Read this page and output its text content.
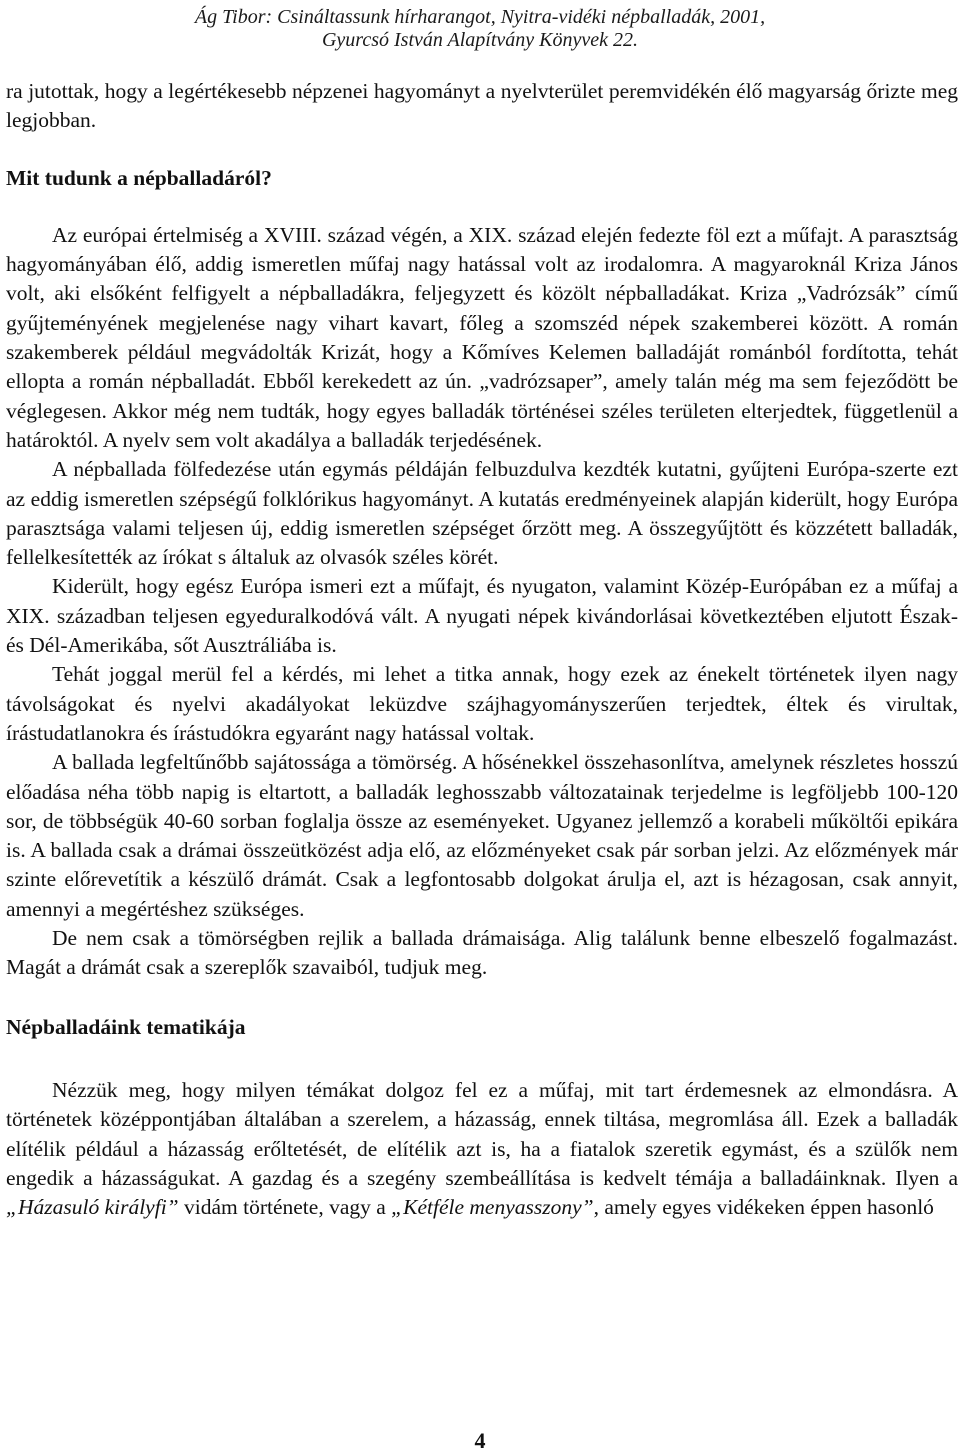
Ág Tibor: Csináltassunk hírharangot, Nyitra-vidéki népballadák, 2001,
Gyurcsó István Alapítvány Könyvek 22.

ra jutottak, hogy a legértékesebb népzenei hagyományt a nyelvterület peremvidékén élő magyarság őrizte meg legjobban.

Mit tudunk a népballadáról?

Az európai értelmiség a XVIII. század végén, a XIX. század elején fedezte föl ezt a műfajt. A parasztság hagyományában élő, addig ismeretlen műfaj nagy hatással volt az irodalomra. A magyaroknál Kriza János volt, aki elsőként felfigyelt a népballadákra, feljegyzett és közölt népballadákat. Kriza „Vadrózsák” című gyűjteményének megjelenése nagy vihart kavart, főleg a szomszéd népek szakemberei között. A román szakemberek például megvádolták Krizát, hogy a Kőmíves Kelemen balladáját románból fordította, tehát ellopta a román népballadát. Ebből kerekedett az ún. „vadrózsaper”, amely talán még ma sem fejeződött be véglegesen. Akkor még nem tudták, hogy egyes balladák történései széles területen elterjedtek, függetlenül a határoktól. A nyelv sem volt akadálya a balladák terjedésének.

A népballada fölfedezése után egymás példáján felbuzdulva kezdték kutatni, gyűjteni Európa-szerte ezt az eddig ismeretlen szépségű folklórikus hagyományt. A kutatás eredményeinek alapján kiderült, hogy Európa parasztsága valami teljesen új, eddig ismeretlen szépséget őrzött meg. A összegyűjtött és közzétett balladák, fellelkesítették az írókat s általuk az olvasók széles körét.

Kiderült, hogy egész Európa ismeri ezt a műfajt, és nyugaton, valamint Közép-Európában ez a műfaj a XIX. században teljesen egyeduralkodóvá vált. A nyugati népek kivándorlásai következtében eljutott Észak- és Dél-Amerikába, sőt Ausztráliába is.

Tehát joggal merül fel a kérdés, mi lehet a titka annak, hogy ezek az énekelt történetek ilyen nagy távolságokat és nyelvi akadályokat leküzdve szájhagyományszerűen terjedtek, éltek és virultak, írástudatlanokra és írástudókra egyaránt nagy hatással voltak.

A ballada legfeltűnőbb sajátossága a tömörség. A hősénekkel összehasonlítva, amelynek részletes hosszú előadása néha több napig is eltartott, a balladák leghosszabb változatainak terjedelme is legföljebb 100-120 sor, de többségük 40-60 sorban foglalja össze az eseményeket. Ugyanez jellemző a korabeli műköltői epikára is. A ballada csak a drámai összeütközést adja elő, az előzményeket csak pár sorban jelzi. Az előzmények már szinte előrevetítik a készülő drámát. Csak a legfontosabb dolgokat árulja el, azt is hézagosan, csak annyit, amennyi a megértéshez szükséges.

De nem csak a tömörségben rejlik a ballada drámaisága. Alig találunk benne elbeszelő fogalmazást. Magát a drámát csak a szereplők szavaiból, tudjuk meg.

Népballadáink tematikája

Nézzük meg, hogy milyen témákat dolgoz fel ez a műfaj, mit tart érdemesnek az elmondásra. A történetek középpontjában általában a szerelem, a házasság, ennek tiltása, megromlása áll. Ezek a balladák elítélik például a házasság erőltetését, de elítélik azt is, ha a fiatalok szeretik egymást, és a szülők nem engedik a házasságukat. A gazdag és a szegény szembeállítása is kedvelt témája a balladáinknak. Ilyen a „Házasuló királyfi” vidám története, vagy a „Kétféle menyasszony”, amely egyes vidékeken éppen hasonló

4
